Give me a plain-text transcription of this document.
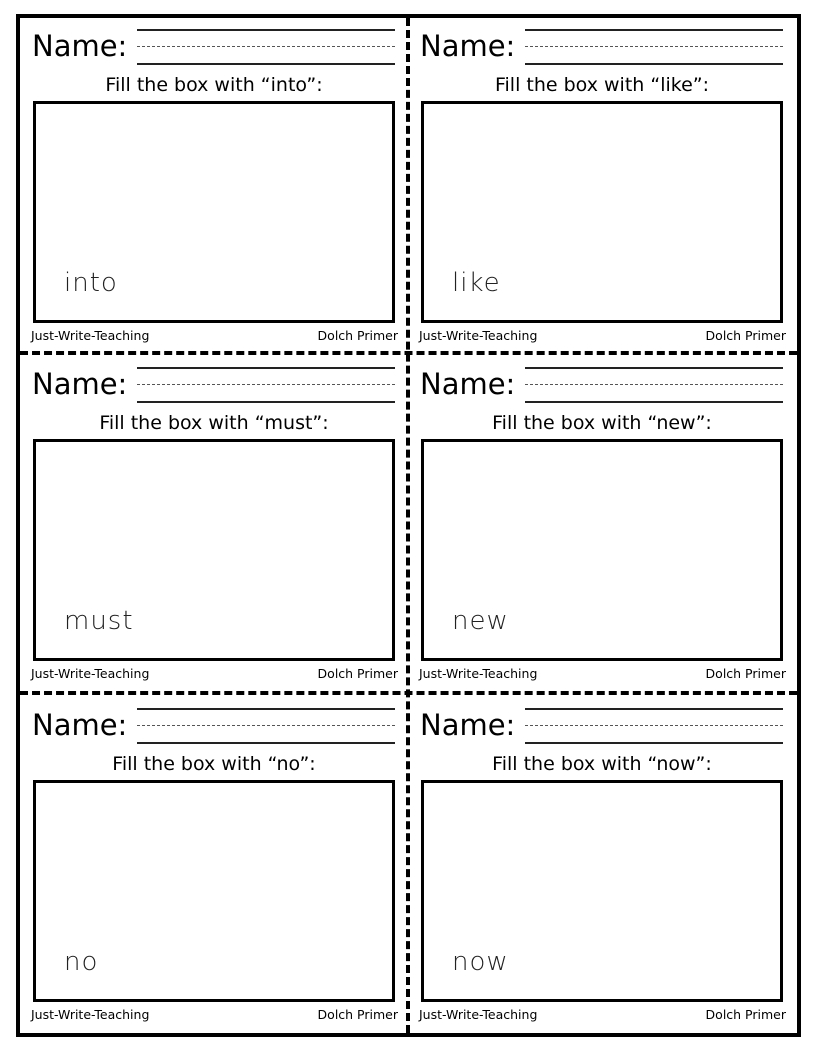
Name:
Fill the box with “into”:
into
Just-Write-Teaching	Dolch Primer
Name:
Fill the box with “like”:
like
Just-Write-Teaching	Dolch Primer
Name:
Fill the box with “must”:
must
Just-Write-Teaching	Dolch Primer
Name:
Fill the box with “new”:
new
Just-Write-Teaching	Dolch Primer
Name:
Fill the box with “no”:
no
Just-Write-Teaching	Dolch Primer
Name:
Fill the box with “now”:
now
Just-Write-Teaching	Dolch Primer
